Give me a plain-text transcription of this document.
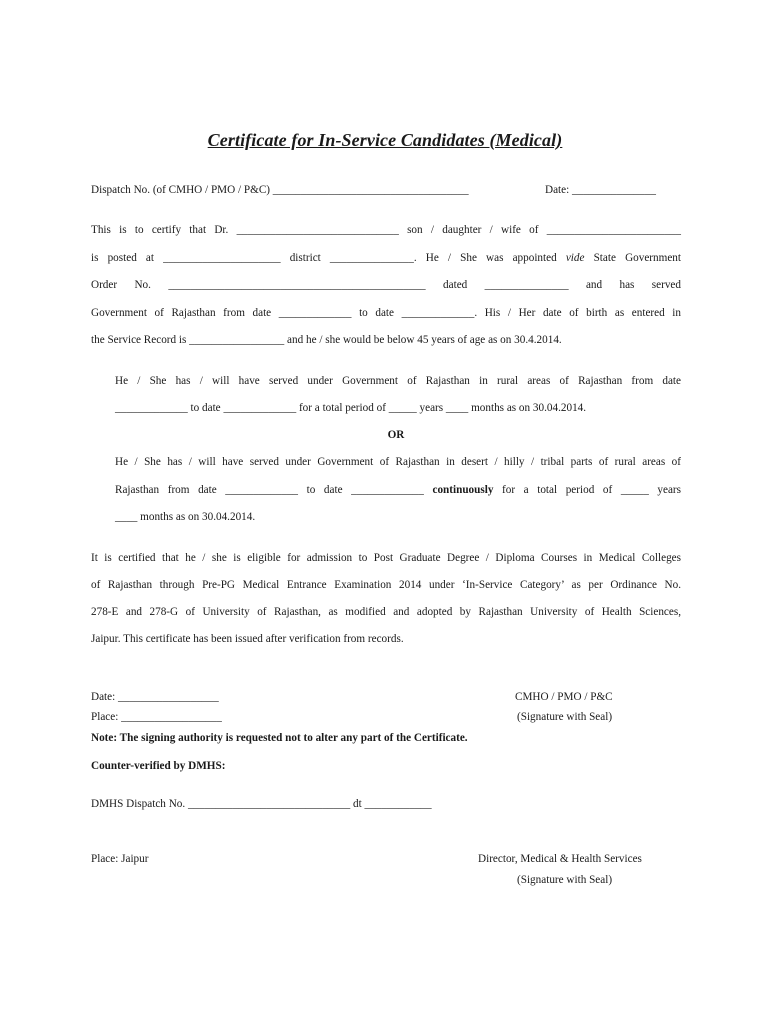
Certificate for In-Service Candidates (Medical)
Dispatch No. (of CMHO / PMO / P&C) ___________________________________	Date: _______________
This is to certify that Dr. _____________________________ son / daughter / wife of ________________________
is posted at _____________________ district _______________. He / She was appointed vide State Government
Order No. ______________________________________________ dated _______________ and has served
Government of Rajasthan from date _____________ to date _____________. His / Her date of birth as entered in
the Service Record is _________________ and he / she would be below 45 years of age as on 30.4.2014.
He / She has / will have served under Government of Rajasthan in rural areas of Rajasthan from date
_____________ to date _____________ for a total period of _____ years ____ months as on 30.04.2014.
OR
He / She has / will have served under Government of Rajasthan in desert / hilly / tribal parts of rural areas of
Rajasthan from date _____________ to date _____________ continuously for a total period of _____ years
____ months as on 30.04.2014.
It is certified that he / she is eligible for admission to Post Graduate Degree / Diploma Courses in Medical Colleges
of Rajasthan through Pre-PG Medical Entrance Examination 2014 under ‘In-Service Category’ as per Ordinance No.
278-E and 278-G of University of Rajasthan, as modified and adopted by Rajasthan University of Health Sciences,
Jaipur. This certificate has been issued after verification from records.
Date: __________________	CMHO / PMO / P&C
Place: __________________	(Signature with Seal)
Note: The signing authority is requested not to alter any part of the Certificate.
Counter-verified by DMHS:
DMHS Dispatch No. _____________________________ dt ____________
Place: Jaipur	Director, Medical & Health Services
(Signature with Seal)
